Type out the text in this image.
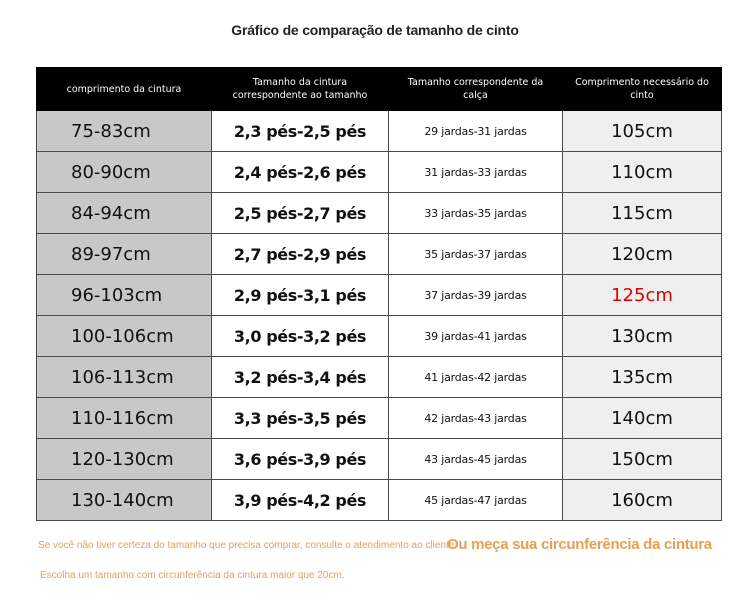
Gráfico de comparação de tamanho de cinto
comprimento da cintura	Tamanho da cintura correspondente ao tamanho	Tamanho correspondente da calça	Comprimento necessário do cinto
75-83cm	2,3 pés-2,5 pés	29 jardas-31 jardas	105cm
80-90cm	2,4 pés-2,6 pés	31 jardas-33 jardas	110cm
84-94cm	2,5 pés-2,7 pés	33 jardas-35 jardas	115cm
89-97cm	2,7 pés-2,9 pés	35 jardas-37 jardas	120cm
96-103cm	2,9 pés-3,1 pés	37 jardas-39 jardas	125cm
100-106cm	3,0 pés-3,2 pés	39 jardas-41 jardas	130cm
106-113cm	3,2 pés-3,4 pés	41 jardas-42 jardas	135cm
110-116cm	3,3 pés-3,5 pés	42 jardas-43 jardas	140cm
120-130cm	3,6 pés-3,9 pés	43 jardas-45 jardas	150cm
130-140cm	3,9 pés-4,2 pés	45 jardas-47 jardas	160cm
Se você não tiver certeza do tamanho que precisa comprar, consulte o atendimento ao cliente
Ou meça sua circunferência da cintura
Escolha um tamanho com circunferência da cintura maior que 20cm.
